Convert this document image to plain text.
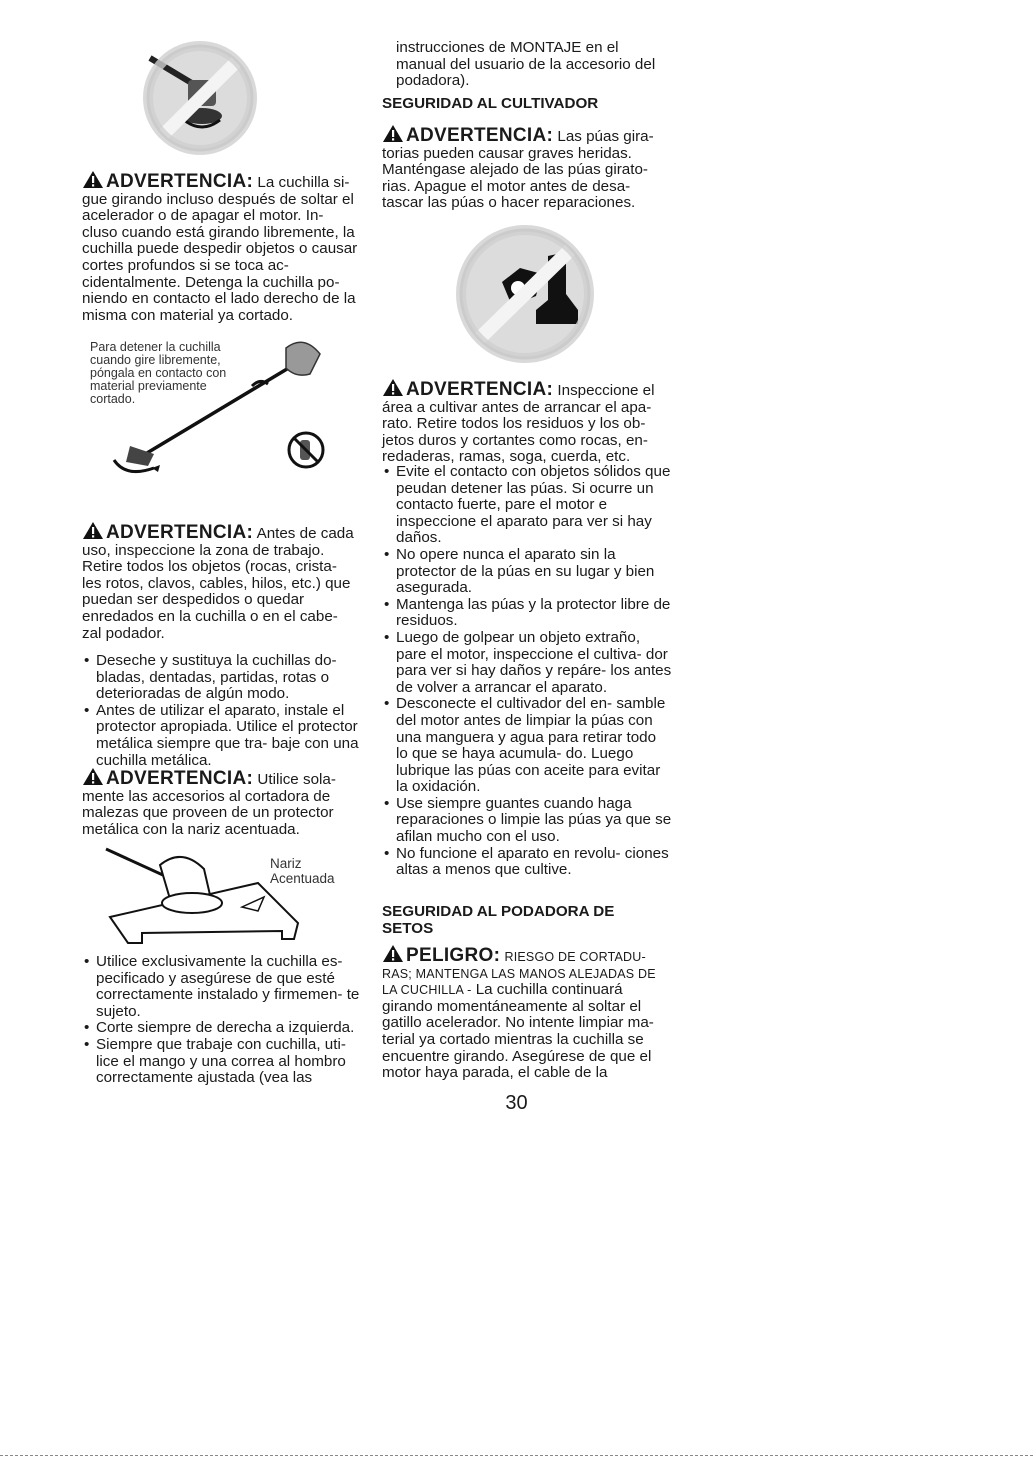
ADVERTENCIA: La cuchilla si- gue girando incluso después de soltar el acelerador o de apagar el motor. In- cluso cuando está girando libremente, la cuchilla puede despedir objetos o causar cortes profundos si se toca ac- cidentalmente. Detenga la cuchilla po- niendo en contacto el lado derecho de la misma con material ya cortado.

Para detener la cuchilla cuando gire libremente, póngala en contacto con material previamente cortado.

ADVERTENCIA: Antes de cada uso, inspeccione la zona de trabajo. Retire todos los objetos (rocas, crista- les rotos, clavos, cables, hilos, etc.) que puedan ser despedidos o quedar enredados en la cuchilla o en el cabe- zal podador.

• Deseche y sustituya la cuchillas do- bladas, dentadas, partidas, rotas o deterioradas de algún modo.
• Antes de utilizar el aparato, instale el protector apropiada. Utilice el protector metálica siempre que tra- baje con una cuchilla metálica.

ADVERTENCIA: Utilice sola- mente las accesorios al cortadora de malezas que proveen de un protector metálica con la nariz acentuada.

Nariz
Acentuada
• Utilice exclusivamente la cuchilla es- pecificado y asegúrese de que esté correctamente instalado y firmemen- te sujeto.
• Corte siempre de derecha a izquierda.
• Siempre que trabaje con cuchilla, uti- lice el mango y una correa al hombro correctamente ajustada (vea las

instrucciones de MONTAJE en el manual del usuario de la accesorio del podadora).

SEGURIDAD AL CULTIVADOR

ADVERTENCIA: Las púas gira- torias pueden causar graves heridas. Manténgase alejado de las púas girato- rias. Apague el motor antes de desa- tascar las púas o hacer reparaciones.

ADVERTENCIA: Inspeccione el área a cultivar antes de arrancar el apa- rato. Retire todos los residuos y los ob- jetos duros y cortantes como rocas, en- redaderas, ramas, soga, cuerda, etc.

• Evite el contacto con objetos sólidos que peudan detener las púas. Si ocurre un contacto fuerte, pare el motor e inspeccione el aparato para ver si hay daños.
• No opere nunca el aparato sin la protector de la púas en su lugar y bien asegurada.
• Mantenga las púas y la protector libre de residuos.
• Luego de golpear un objeto extraño, pare el motor, inspeccione el cultiva- dor para ver si hay daños y repáre- los antes de volver a arrancar el aparato.
• Desconecte el cultivador del en- samble del motor antes de limpiar la púas con una manguera y agua para retirar todo lo que se haya acumula- do. Luego lubrique las púas con aceite para evitar la oxidación.
• Use siempre guantes cuando haga reparaciones o limpie las púas ya que se afilan mucho con el uso.
• No funcione el aparato en revolu- ciones altas a menos que cultive.

SEGURIDAD AL PODADORA DE SETOS

PELIGRO: RIESGO DE CORTADU- RAS; MANTENGA LAS MANOS ALEJADAS DE LA CUCHILLA - La cuchilla continuará girando momentáneamente al soltar el gatillo acelerador. No intente limpiar ma- terial ya cortado mientras la cuchilla se encuentre girando. Asegúrese de que el motor haya parada, el cable de la

30
